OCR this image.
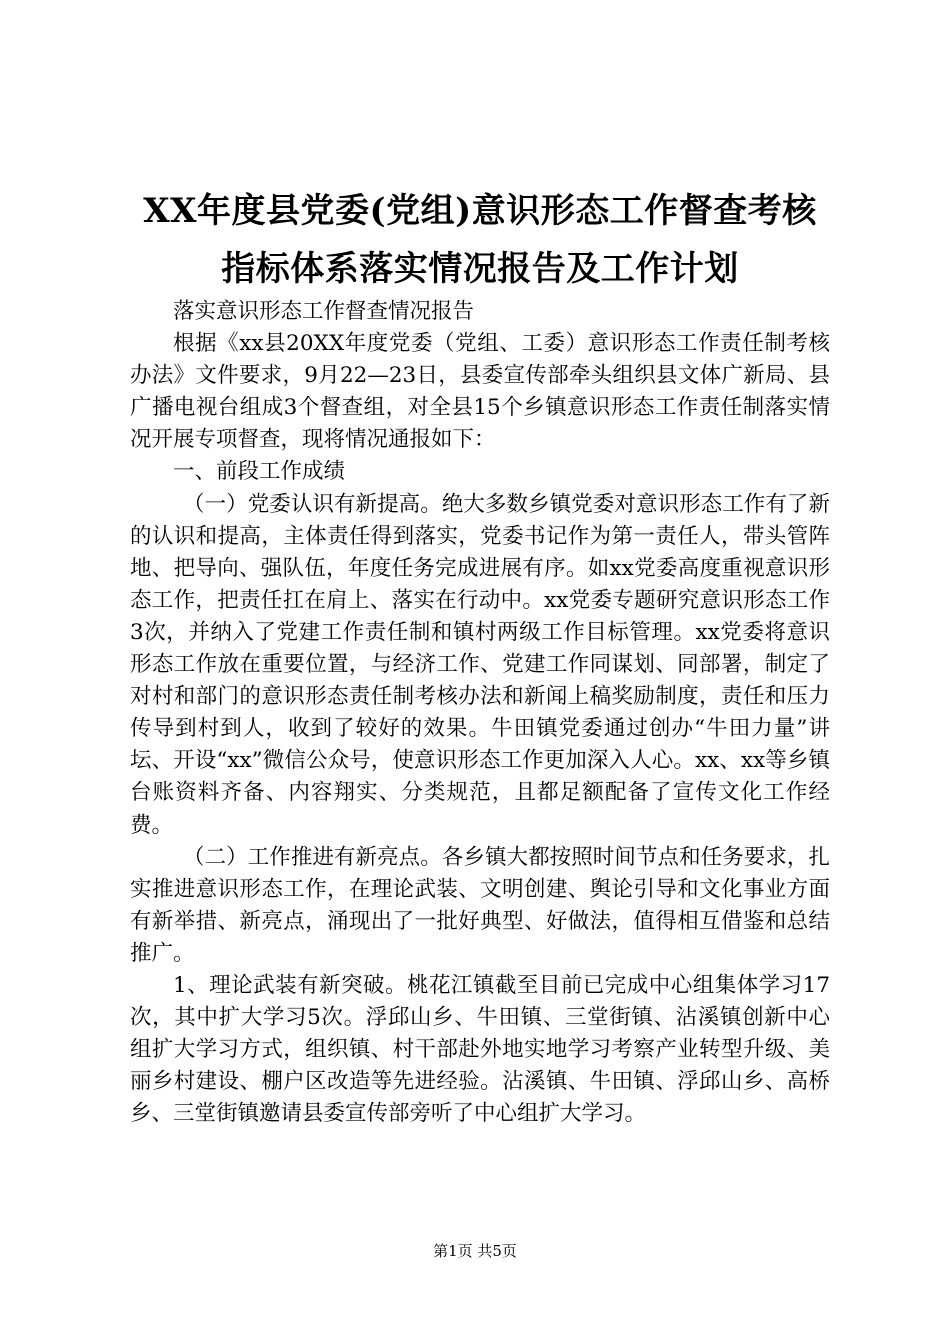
XX年度县党委(党组)意识形态工作督查考核
指标体系落实情况报告及工作计划

落实意识形态工作督查情况报告

根据《xx县20XX年度党委（党组、工委）意识形态工作责任制考核办法》文件要求，9月22—23日，县委宣传部牵头组织县文体广新局、县广播电视台组成3个督查组，对全县15个乡镇意识形态工作责任制落实情况开展专项督查，现将情况通报如下：

一、前段工作成绩

（一）党委认识有新提高。绝大多数乡镇党委对意识形态工作有了新的认识和提高，主体责任得到落实，党委书记作为第一责任人，带头管阵地、把导向、强队伍，年度任务完成进展有序。如xx党委高度重视意识形态工作，把责任扛在肩上、落实在行动中。xx党委专题研究意识形态工作3次，并纳入了党建工作责任制和镇村两级工作目标管理。xx党委将意识形态工作放在重要位置，与经济工作、党建工作同谋划、同部署，制定了对村和部门的意识形态责任制考核办法和新闻上稿奖励制度，责任和压力传导到村到人，收到了较好的效果。牛田镇党委通过创办“牛田力量”讲坛、开设“xx”微信公众号，使意识形态工作更加深入人心。xx、xx等乡镇台账资料齐备、内容翔实、分类规范，且都足额配备了宣传文化工作经费。

（二）工作推进有新亮点。各乡镇大都按照时间节点和任务要求，扎实推进意识形态工作，在理论武装、文明创建、舆论引导和文化事业方面有新举措、新亮点，涌现出了一批好典型、好做法，值得相互借鉴和总结推广。

1、理论武装有新突破。桃花江镇截至目前已完成中心组集体学习17次，其中扩大学习5次。浮邱山乡、牛田镇、三堂街镇、沾溪镇创新中心组扩大学习方式，组织镇、村干部赴外地实地学习考察产业转型升级、美丽乡村建设、棚户区改造等先进经验。沾溪镇、牛田镇、浮邱山乡、高桥乡、三堂街镇邀请县委宣传部旁听了中心组扩大学习。

第1页 共5页
